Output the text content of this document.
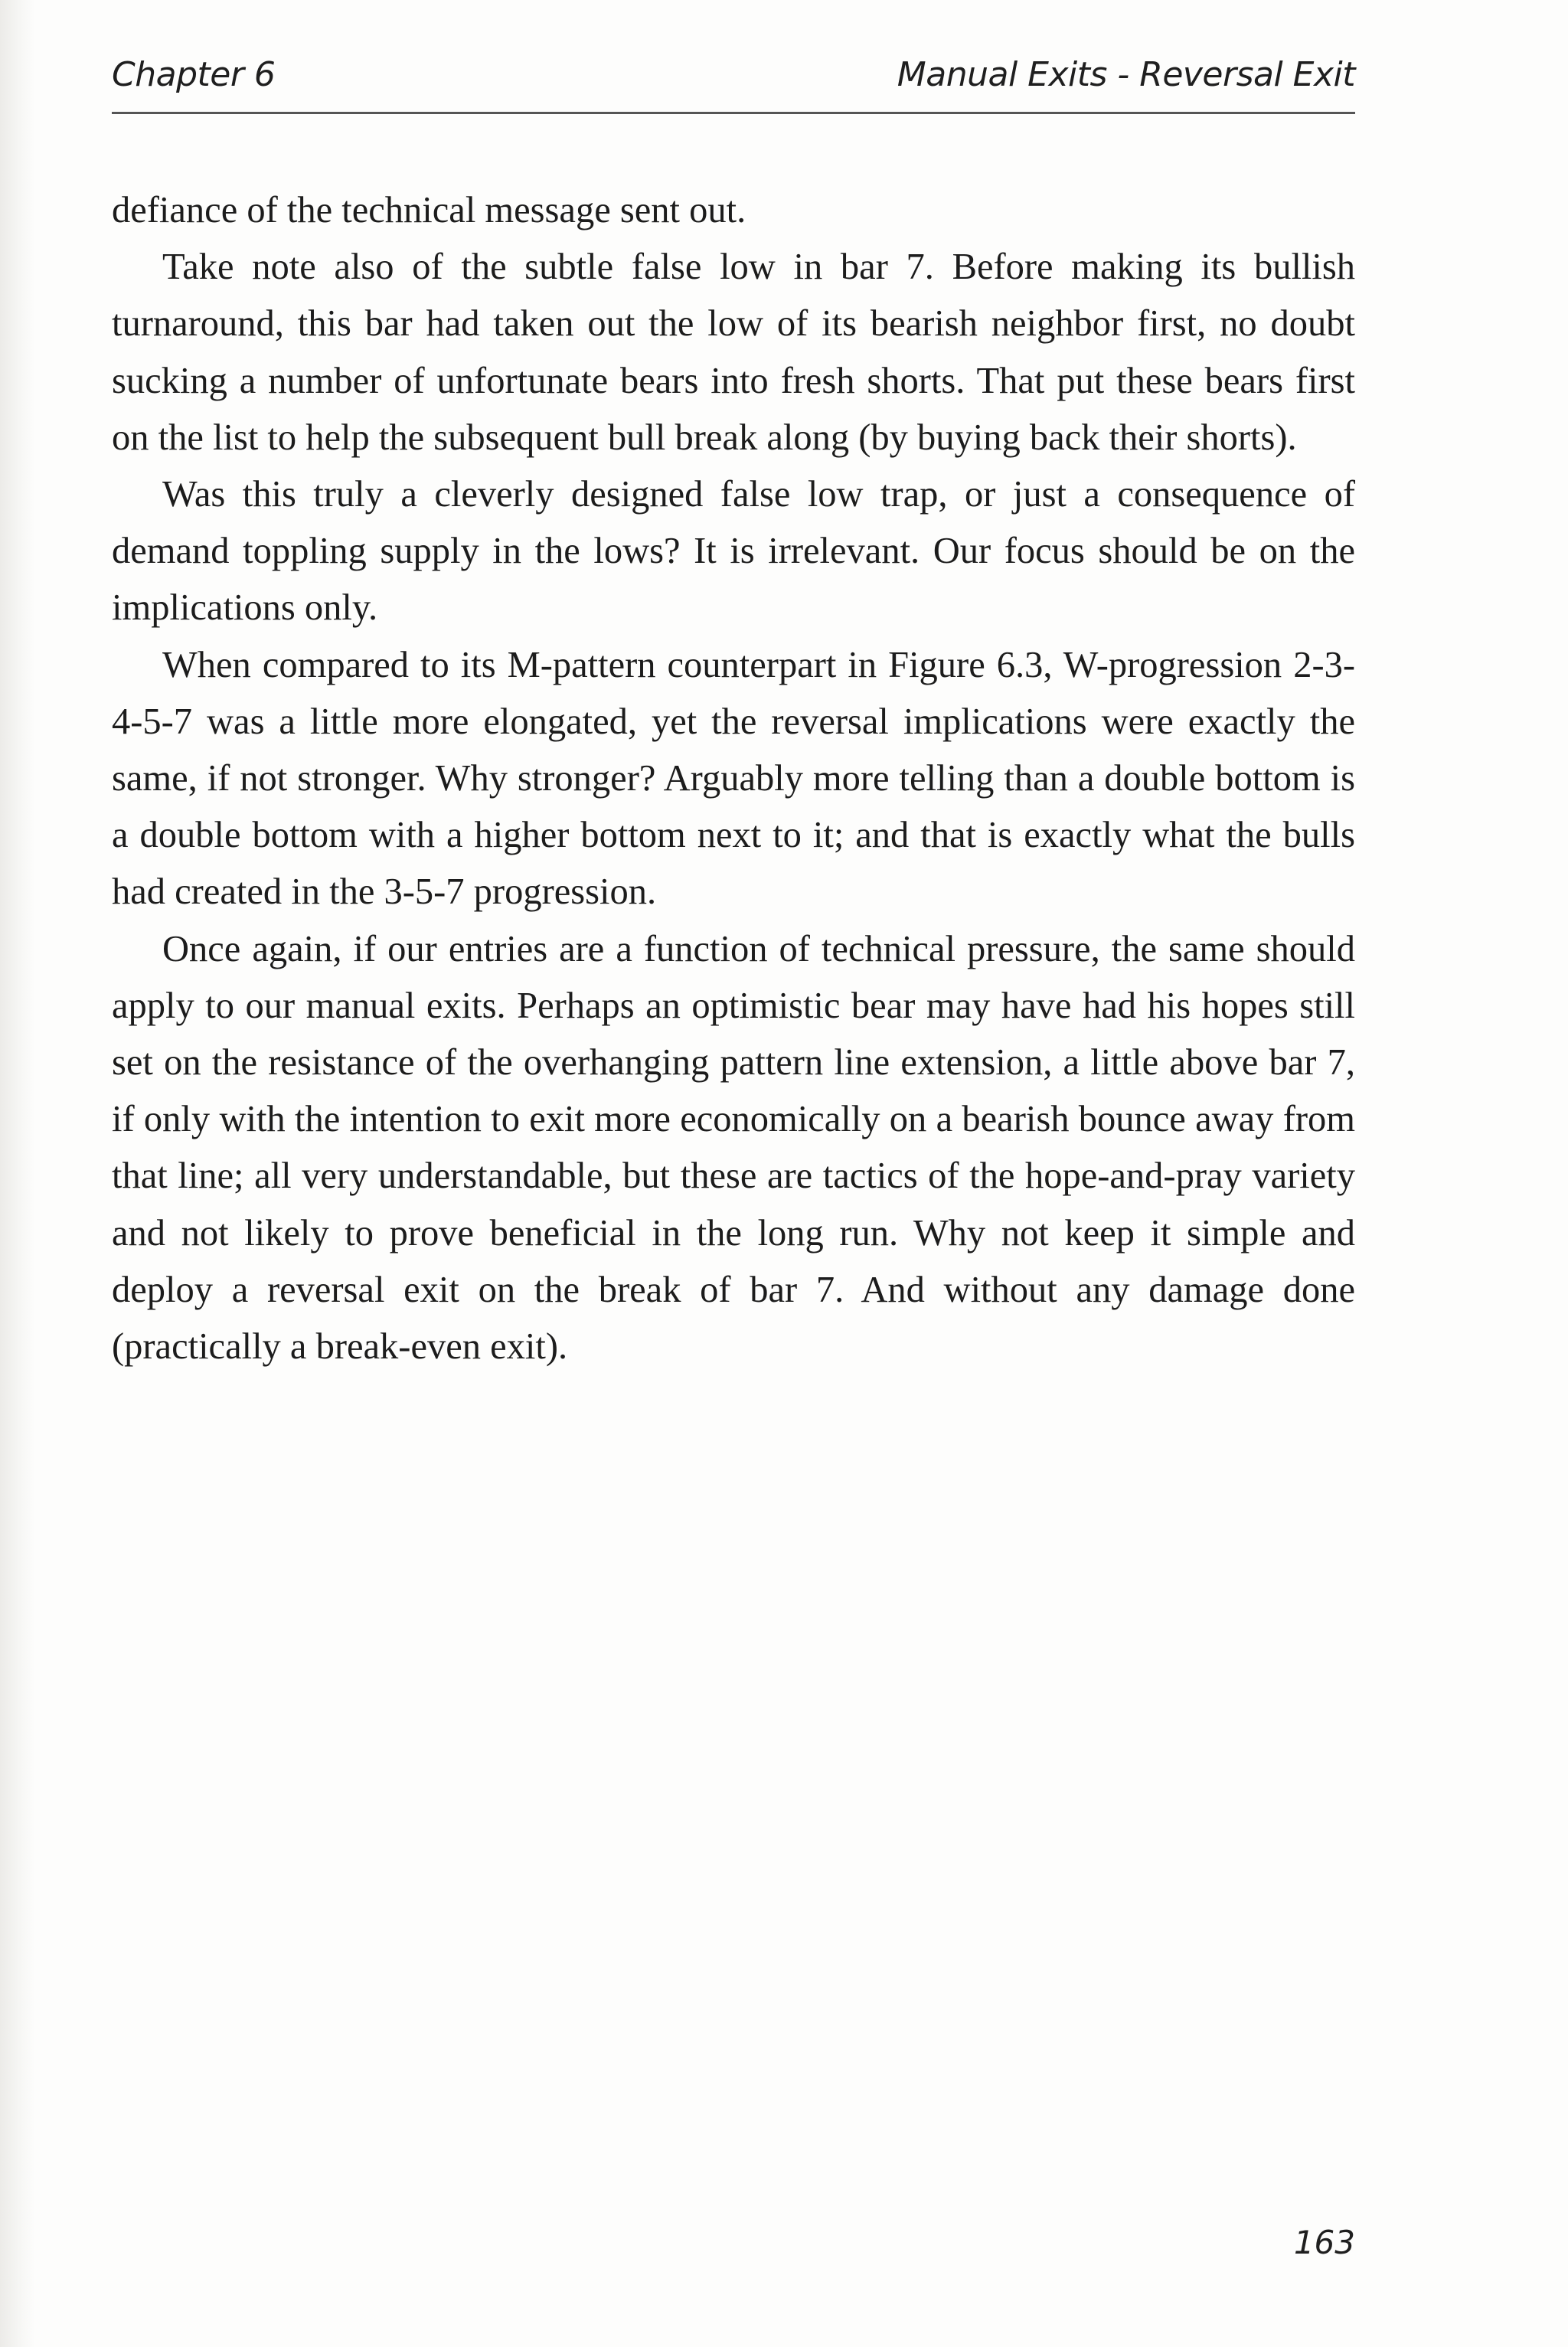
Chapter 6	Manual Exits - Reversal Exit

defiance of the technical message sent out.

Take note also of the subtle false low in bar 7. Before making its bullish turnaround, this bar had taken out the low of its bearish neighbor first, no doubt sucking a number of unfortunate bears into fresh shorts. That put these bears first on the list to help the subsequent bull break along (by buying back their shorts).

Was this truly a cleverly designed false low trap, or just a consequence of demand toppling supply in the lows? It is irrelevant. Our focus should be on the implications only.

When compared to its M-pattern counterpart in Figure 6.3, W-progression 2-3-4-5-7 was a little more elongated, yet the reversal implications were exactly the same, if not stronger. Why stronger? Arguably more telling than a double bottom is a double bottom with a higher bottom next to it; and that is exactly what the bulls had created in the 3-5-7 progression.

Once again, if our entries are a function of technical pressure, the same should apply to our manual exits. Perhaps an optimistic bear may have had his hopes still set on the resistance of the overhanging pattern line extension, a little above bar 7, if only with the intention to exit more economically on a bearish bounce away from that line; all very understandable, but these are tactics of the hope-and-pray variety and not likely to prove beneficial in the long run. Why not keep it simple and deploy a reversal exit on the break of bar 7. And without any damage done (practically a break-even exit).

163
